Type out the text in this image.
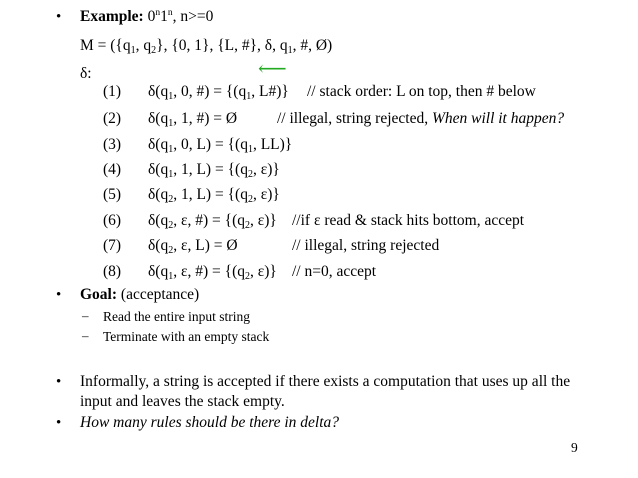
• Example: 0$^n$1$^n$, n>=0
M = ({q1, q2}, {0, 1}, {L, #}, δ, q1, #, Ø)
δ:	⟵
(1) δ(q1, 0, #) = {(q1, L#)} // stack order: L on top, then # below
(2) δ(q1, 1, #) = Ø	// illegal, string rejected, When will it happen?
(3) δ(q1, 0, L) = {(q1, LL)}
(4) δ(q1, 1, L) = {(q2, ε)}
(5) δ(q2, 1, L) = {(q2, ε)}
(6) δ(q2, ε, #) = {(q2, ε)} //if ε read & stack hits bottom, accept
(7) δ(q2, ε, L) = Ø	// illegal, string rejected
(8) δ(q1, ε, #) = {(q2, ε)} // n=0, accept
• Goal: (acceptance)
– Read the entire input string
– Terminate with an empty stack
• Informally, a string is accepted if there exists a computation that uses up all the
input and leaves the stack empty.
• How many rules should be there in delta?
9
